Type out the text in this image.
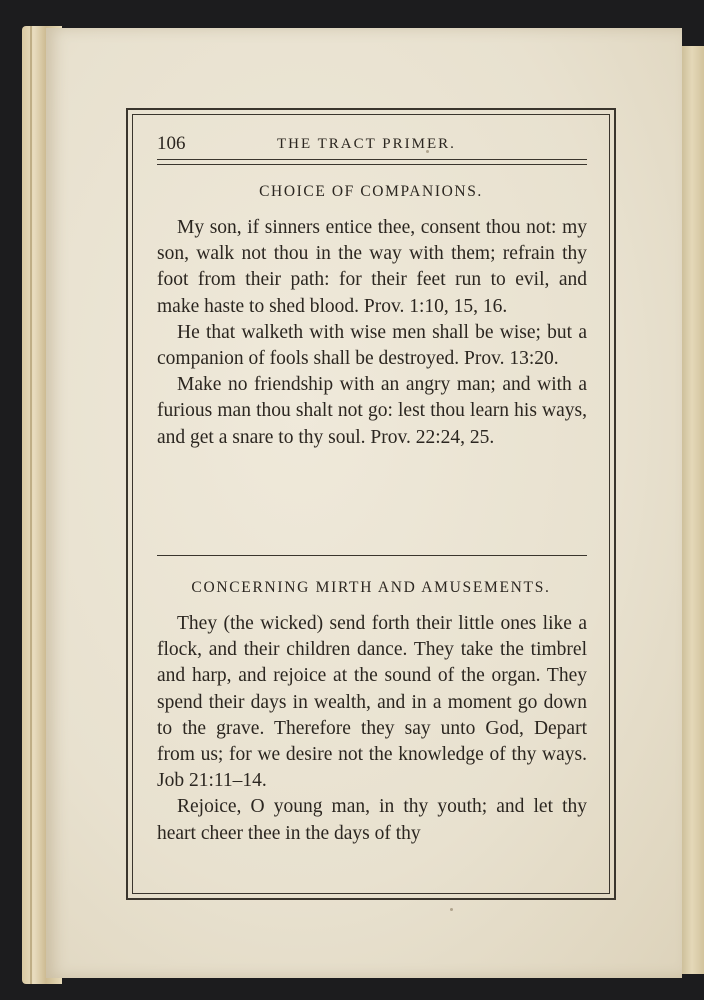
106	THE TRACT PRIMER.
CHOICE OF COMPANIONS.

My son, if sinners entice thee, consent thou not: my son, walk not thou in the way with them; refrain thy foot from their path: for their feet run to evil, and make haste to shed blood. Prov. 1:10, 15, 16.

He that walketh with wise men shall be wise; but a companion of fools shall be destroyed. Prov. 13:20.

Make no friendship with an angry man; and with a furious man thou shalt not go: lest thou learn his ways, and get a snare to thy soul. Prov. 22:24, 25.

CONCERNING MIRTH AND AMUSEMENTS.

They (the wicked) send forth their little ones like a flock, and their children dance. They take the timbrel and harp, and rejoice at the sound of the organ. They spend their days in wealth, and in a moment go down to the grave. Therefore they say unto God, Depart from us; for we desire not the knowledge of thy ways. Job 21:11–14.

Rejoice, O young man, in thy youth; and let thy heart cheer thee in the days of thy
